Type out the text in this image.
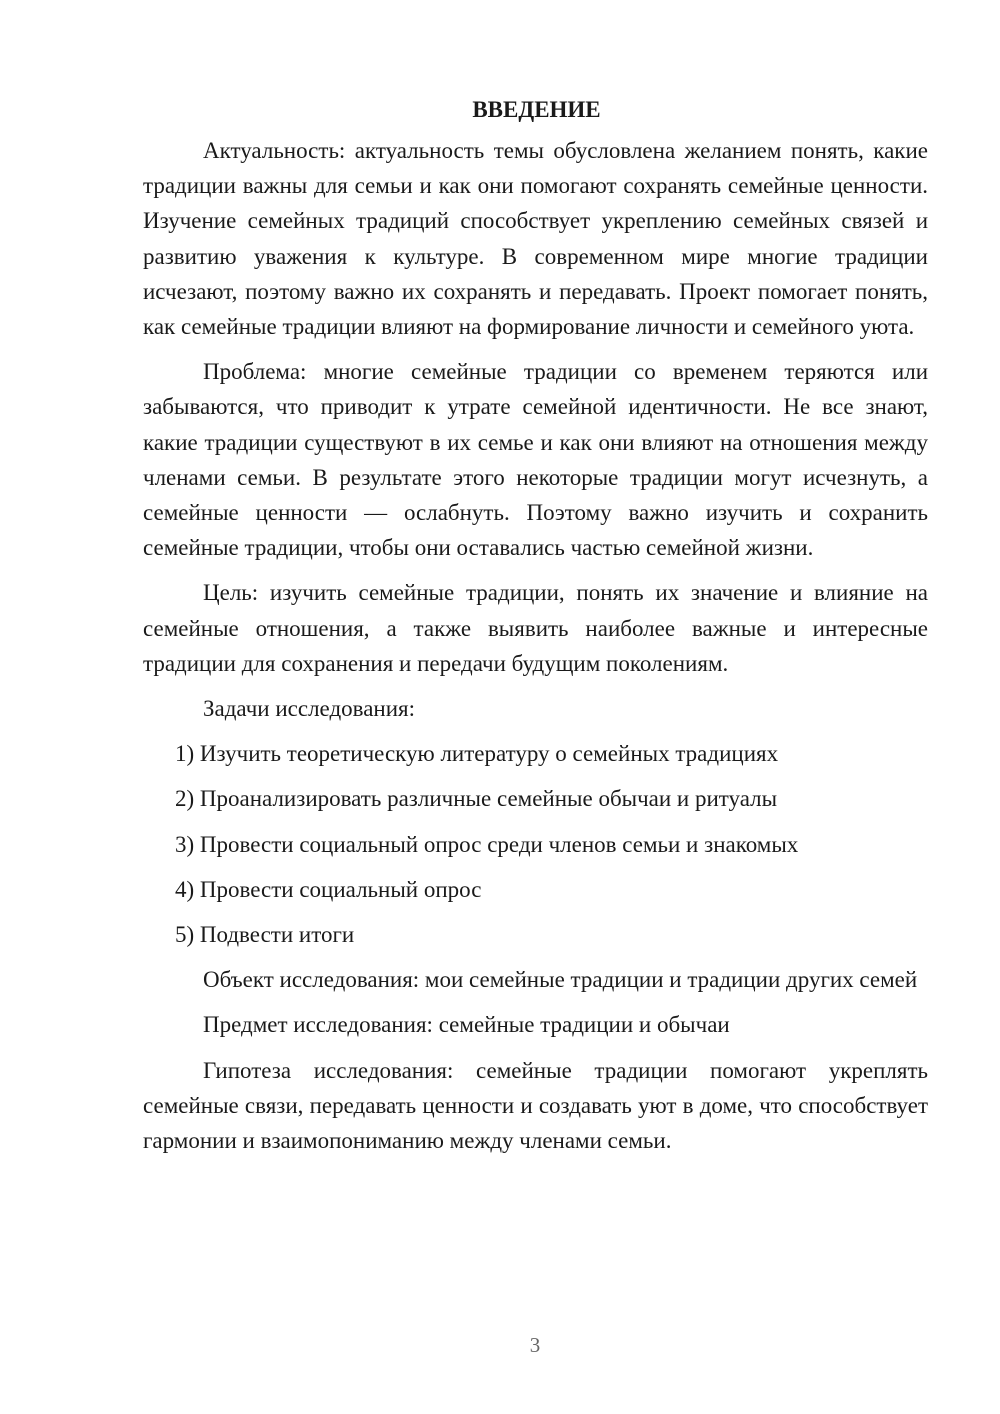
ВВЕДЕНИЕ

Актуальность: актуальность темы обусловлена желанием понять, какие традиции важны для семьи и как они помогают сохранять семейные ценности. Изучение семейных традиций способствует укреплению семейных связей и развитию уважения к культуре. В современном мире многие традиции исчезают, поэтому важно их сохранять и передавать. Проект помогает понять, как семейные традиции влияют на формирование личности и семейного уюта.

Проблема: многие семейные традиции со временем теряются или забываются, что приводит к утрате семейной идентичности. Не все знают, какие традиции существуют в их семье и как они влияют на отношения между членами семьи. В результате этого некоторые традиции могут исчезнуть, а семейные ценности — ослабнуть. Поэтому важно изучить и сохранить семейные традиции, чтобы они оставались частью семейной жизни.

Цель: изучить семейные традиции, понять их значение и влияние на семейные отношения, а также выявить наиболее важные и интересные традиции для сохранения и передачи будущим поколениям.

Задачи исследования:

1) Изучить теоретическую литературу о семейных традициях
2) Проанализировать различные семейные обычаи и ритуалы
3) Провести социальный опрос среди членов семьи и знакомых
4) Провести социальный опрос
5) Подвести итоги

Объект исследования: мои семейные традиции и традиции других семей

Предмет исследования: семейные традиции и обычаи

Гипотеза исследования: семейные традиции помогают укреплять семейные связи, передавать ценности и создавать уют в доме, что способствует гармонии и взаимопониманию между членами семьи.

3
